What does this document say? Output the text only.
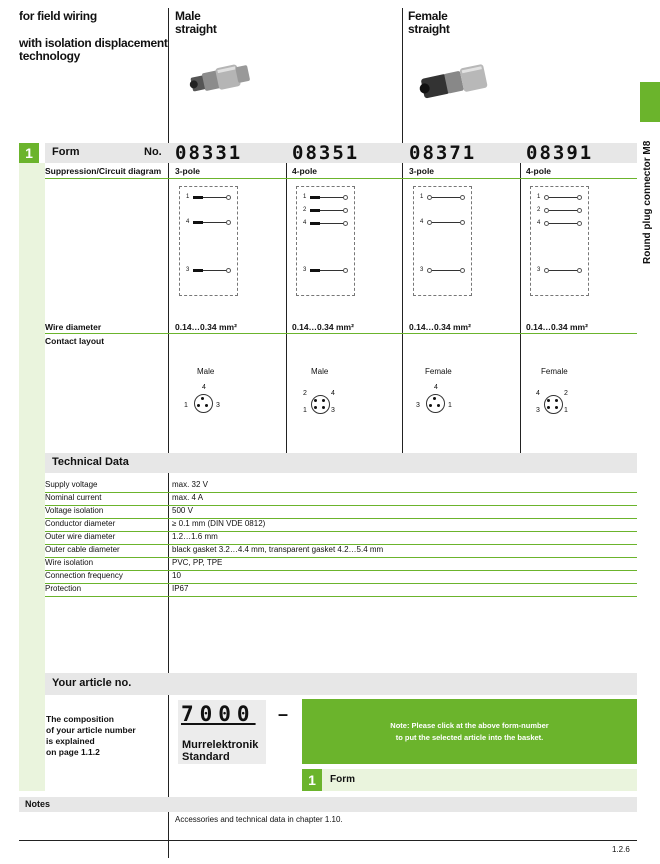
for field wiring
with isolation displacement
technology
Male
straight
Female
straight
Round plug connector M8
1	Form	No. 08331	08351	08371	08391
Suppression/Circuit diagram 3-pole	4-pole	3-pole	4-pole
1
4
3
1
2
4
3
1
4
3
1
2
4
3
Wire diameter	0.14…0.34 mm²	0.14…0.34 mm²	0.14…0.34 mm²	0.14…0.34 mm²
Contact layout
Male	Male	Female	Female
4
1	3
2	4
1	3
4
3	1
4	2
3	1
Technical Data
Supply voltage	max. 32 V
Nominal current	max. 4 A
Voltage isolation	500 V
Conductor diameter	≥ 0.1 mm (DIN VDE 0812)
Outer wire diameter	1.2…1.6 mm
Outer cable diameter	black gasket 3.2…4.4 mm, transparent gasket 4.2…5.4 mm
Wire isolation	PVC, PP, TPE
Connection frequency	10
Protection	IP67
Your article no.
The composition
of your article number
is explained
on page 1.1.2
7000 –
Murrelektronik
Standard
Note: Please click at the above form-number
to put the selected article into the basket.
1	Form
Notes
Accessories and technical data in chapter 1.10.
1.2.6
